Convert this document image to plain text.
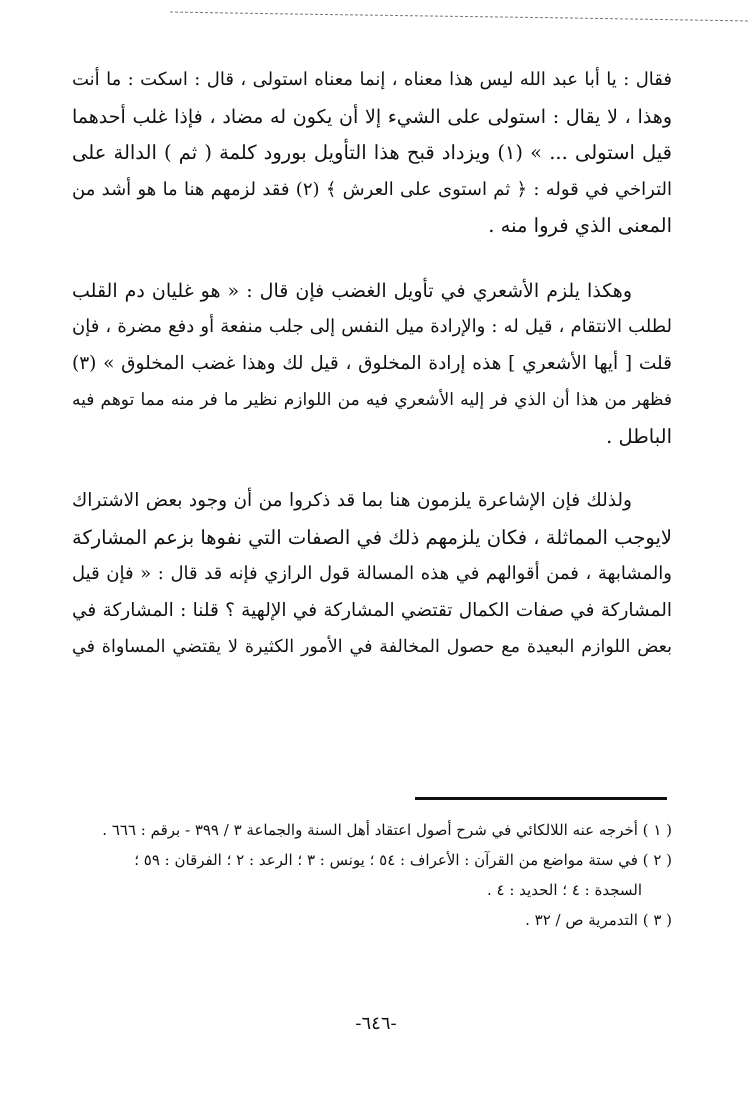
فقال : يا أبا عبد الله ليس هذا معناه ، إنما معناه استولى ، قال : اسكت : ما أنت
وهذا ، لا يقال : استولى على الشيء إلا أن يكون له مضاد ، فإذا غلب أحدهما
قيل استولى ... » (١) ويزداد قبح هذا التأويل بورود كلمة ( ثم ) الدالة على
التراخي في قوله : ﴿ ثم استوى على العرش ﴾ (٢) فقد لزمهم هنا ما هو أشد من
المعنى الذي فروا منه .
وهكذا يلزم الأشعري في تأويل الغضب فإن قال : « هو غليان دم القلب
لطلب الانتقام ، قيل له : والإرادة ميل النفس إلى جلب منفعة أو دفع مضرة ، فإن
قلت [ أيها الأشعري ] هذه إرادة المخلوق ، قيل لك وهذا غضب المخلوق » (٣)
فظهر من هذا أن الذي فر إليه الأشعري فيه من اللوازم نظير ما فر منه مما توهم فيه
الباطل .
ولذلك فإن الإشاعرة يلزمون هنا بما قد ذكروا من أن وجود بعض الاشتراك
لايوجب المماثلة ، فكان يلزمهم ذلك في الصفات التي نفوها بزعم المشاركة
والمشابهة ، فمن أقوالهم في هذه المسالة قول الرازي فإنه قد قال : « فإن قيل
المشاركة في صفات الكمال تقتضي المشاركة في الإلهية ؟ قلنا : المشاركة في
بعض اللوازم البعيدة مع حصول المخالفة في الأمور الكثيرة لا يقتضي المساواة في
( ١ ) أخرجه عنه اللالكائي في شرح أصول اعتقاد أهل السنة والجماعة ٣ / ٣٩٩ - برقم : ٦٦٦ .
( ٢ ) في ستة مواضع من القرآن : الأعراف : ٥٤ ؛ يونس : ٣ ؛ الرعد : ٢ ؛ الفرقان : ٥٩ ؛
السجدة : ٤ ؛ الحديد : ٤ .
( ٣ ) التدمرية ص / ٣٢ .
-٦٤٦-
